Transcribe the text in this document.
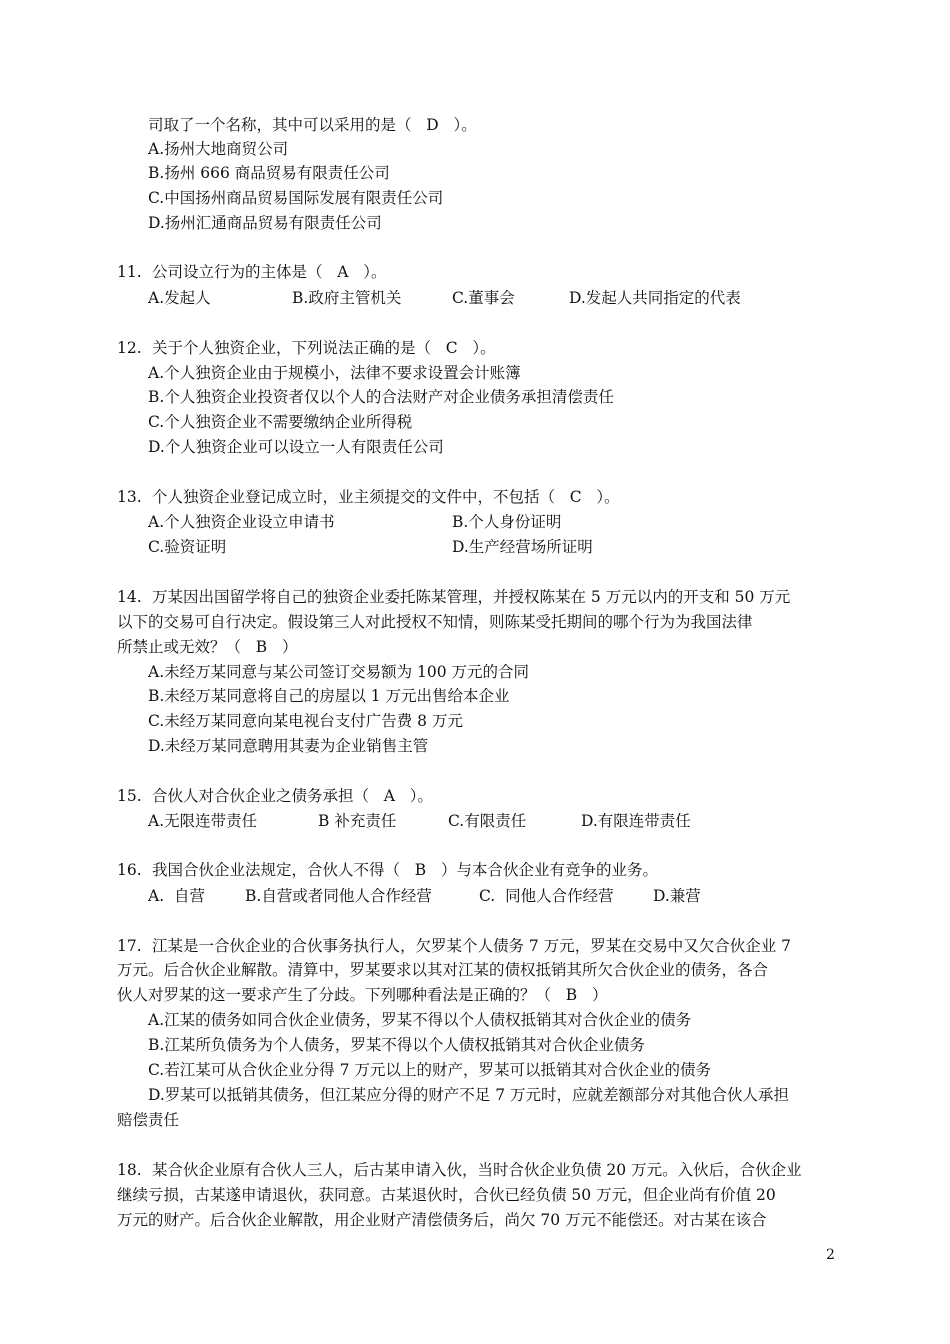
司取了一个名称，其中可以采用的是（   D   ）。
A.扬州大地商贸公司
B.扬州 666 商品贸易有限责任公司
C.中国扬州商品贸易国际发展有限责任公司
D.扬州汇通商品贸易有限责任公司
11. 公司设立行为的主体是（   A   ）。
A.发起人	B.政府主管机关	C.董事会	D.发起人共同指定的代表
12. 关于个人独资企业，下列说法正确的是（   C   ）。
A.个人独资企业由于规模小，法律不要求设置会计账簿
B.个人独资企业投资者仅以个人的合法财产对企业债务承担清偿责任
C.个人独资企业不需要缴纳企业所得税
D.个人独资企业可以设立一人有限责任公司
13. 个人独资企业登记成立时，业主须提交的文件中，不包括（   C   ）。
A.个人独资企业设立申请书	B.个人身份证明
C.验资证明	D.生产经营场所证明
14. 万某因出国留学将自己的独资企业委托陈某管理，并授权陈某在 5 万元以内的开支和 50 万元
以下的交易可自行决定。假设第三人对此授权不知情，则陈某受托期间的哪个行为为我国法律
所禁止或无效？（   B   ）
A.未经万某同意与某公司签订交易额为 100 万元的合同
B.未经万某同意将自己的房屋以 1 万元出售给本企业
C.未经万某同意向某电视台支付广告费 8 万元
D.未经万某同意聘用其妻为企业销售主管
15. 合伙人对合伙企业之债务承担（   A   ）。
A.无限连带责任	B 补充责任	C.有限责任	D.有限连带责任
16. 我国合伙企业法规定，合伙人不得（   B   ）与本合伙企业有竞争的业务。
A.  自营	B.自营或者同他人合作经营	C.  同他人合作经营	D.兼营
17. 江某是一合伙企业的合伙事务执行人，欠罗某个人债务 7 万元，罗某在交易中又欠合伙企业 7
万元。后合伙企业解散。清算中，罗某要求以其对江某的债权抵销其所欠合伙企业的债务，各合
伙人对罗某的这一要求产生了分歧。下列哪种看法是正确的？（   B   ）
A.江某的债务如同合伙企业债务，罗某不得以个人债权抵销其对合伙企业的债务
B.江某所负债务为个人债务，罗某不得以个人债权抵销其对合伙企业债务
C.若江某可从合伙企业分得 7 万元以上的财产，罗某可以抵销其对合伙企业的债务
D.罗某可以抵销其债务，但江某应分得的财产不足 7 万元时，应就差额部分对其他合伙人承担
赔偿责任
18. 某合伙企业原有合伙人三人，后古某申请入伙，当时合伙企业负债 20 万元。入伙后，合伙企业
继续亏损，古某遂申请退伙，获同意。古某退伙时，合伙已经负债 50 万元，但企业尚有价值 20
万元的财产。后合伙企业解散，用企业财产清偿债务后，尚欠 70 万元不能偿还。对古某在该合
2
